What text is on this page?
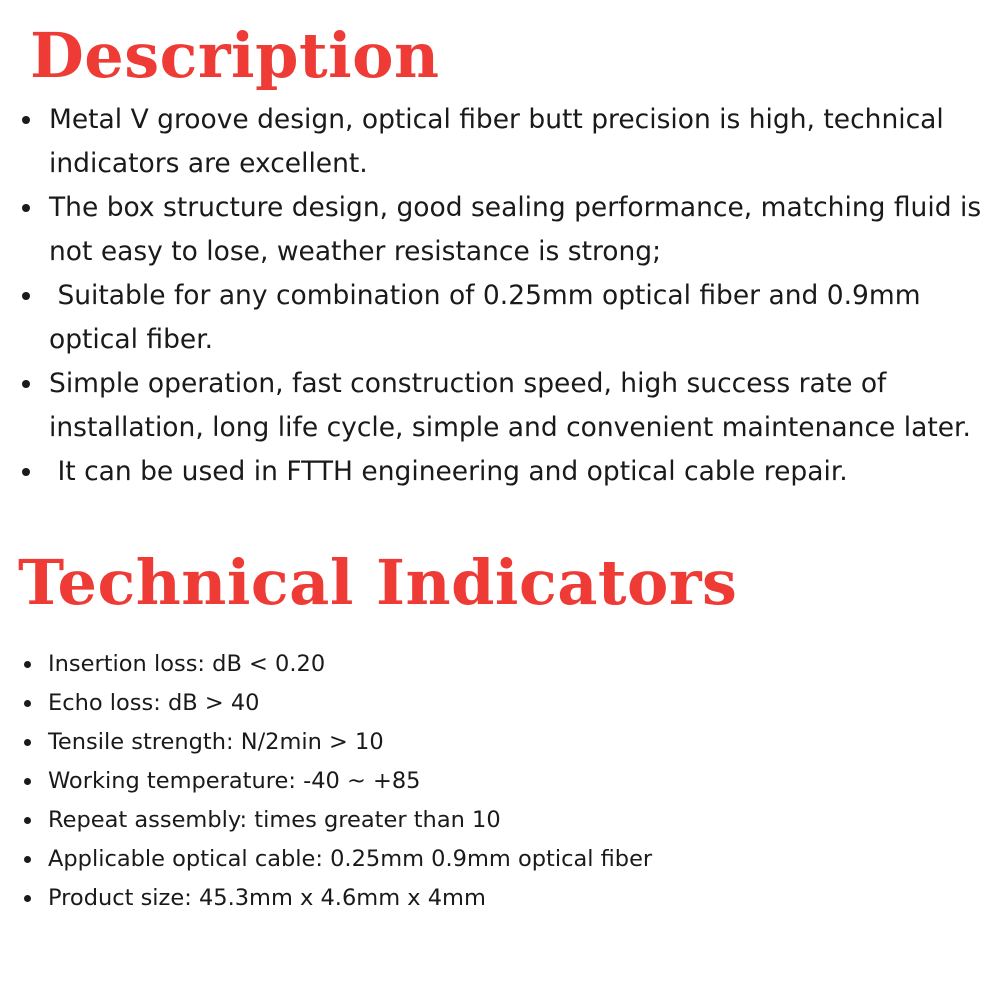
Description
Metal V groove design, optical fiber butt precision is high, technical indicators are excellent.
The box structure design, good sealing performance, matching fluid is not easy to lose, weather resistance is strong;
Suitable for any combination of 0.25mm optical fiber and 0.9mm optical fiber.
Simple operation, fast construction speed, high success rate of installation, long life cycle, simple and convenient maintenance later.
It can be used in FTTH engineering and optical cable repair.
Technical Indicators
Insertion loss: dB < 0.20
Echo loss: dB > 40
Tensile strength: N/2min > 10
Working temperature: -40 ~ +85
Repeat assembly: times greater than 10
Applicable optical cable: 0.25mm 0.9mm optical fiber
Product size: 45.3mm x 4.6mm x 4mm
